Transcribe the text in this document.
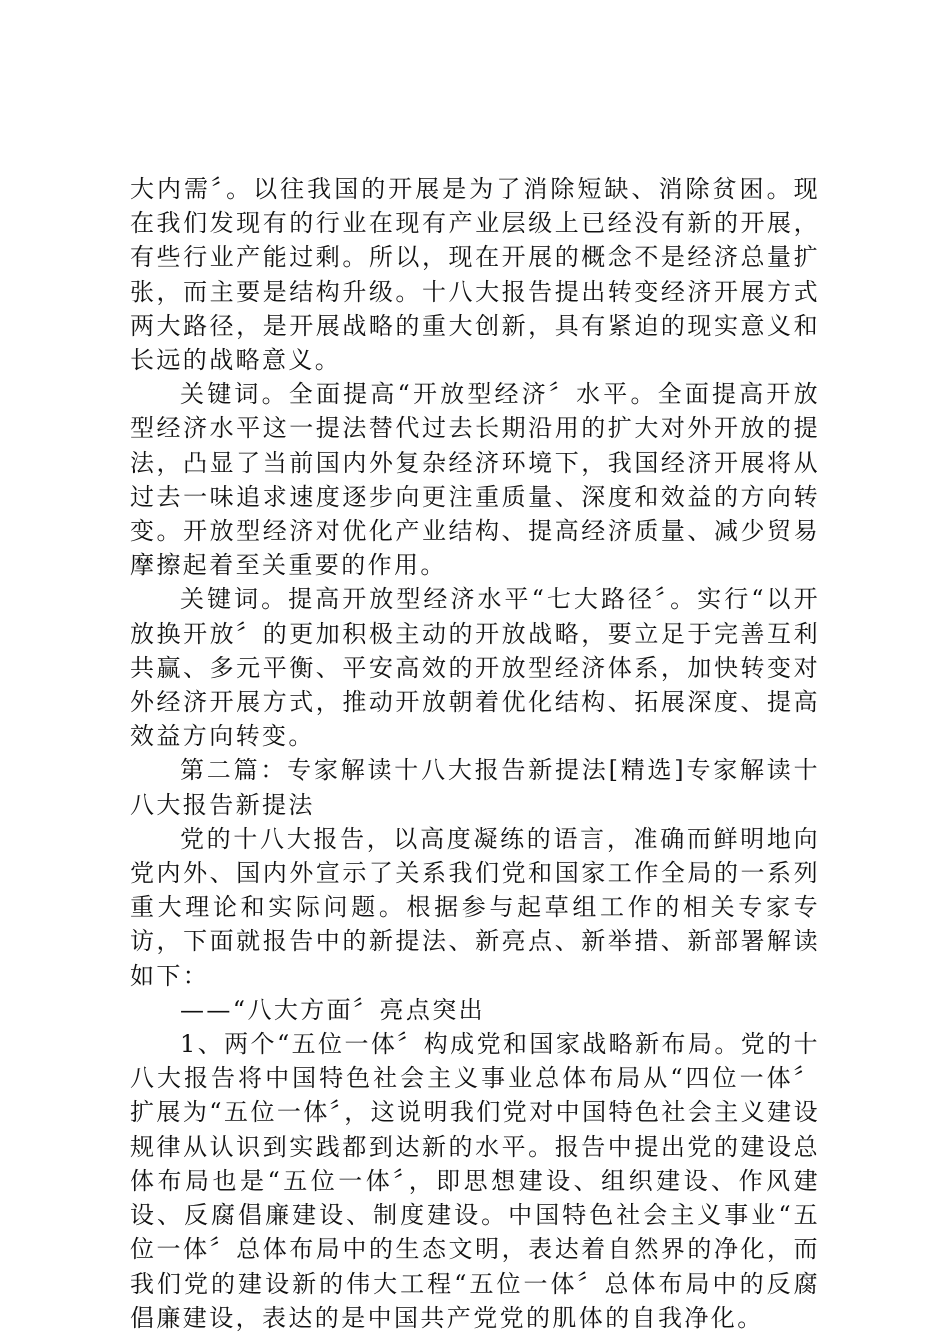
大内需〞。以往我国的开展是为了消除短缺、消除贫困。现在我们发现有的行业在现有产业层级上已经没有新的开展，有些行业产能过剩。所以，现在开展的概念不是经济总量扩张，而主要是结构升级。十八大报告提出转变经济开展方式两大路径，是开展战略的重大创新，具有紧迫的现实意义和长远的战略意义。

关键词。全面提高“开放型经济〞水平。全面提高开放型经济水平这一提法替代过去长期沿用的扩大对外开放的提法，凸显了当前国内外复杂经济环境下，我国经济开展将从过去一味追求速度逐步向更注重质量、深度和效益的方向转变。开放型经济对优化产业结构、提高经济质量、减少贸易摩擦起着至关重要的作用。

关键词。提高开放型经济水平“七大路径〞。实行“以开放换开放〞的更加积极主动的开放战略，要立足于完善互利共赢、多元平衡、平安高效的开放型经济体系，加快转变对外经济开展方式，推动开放朝着优化结构、拓展深度、提高效益方向转变。

第二篇：专家解读十八大报告新提法[精选]专家解读十八大报告新提法

党的十八大报告，以高度凝练的语言，准确而鲜明地向党内外、国内外宣示了关系我们党和国家工作全局的一系列重大理论和实际问题。根据参与起草组工作的相关专家专访，下面就报告中的新提法、新亮点、新举措、新部署解读如下：

——“八大方面〞亮点突出

1、两个“五位一体〞构成党和国家战略新布局。党的十八大报告将中国特色社会主义事业总体布局从“四位一体〞扩展为“五位一体〞，这说明我们党对中国特色社会主义建设规律从认识到实践都到达新的水平。报告中提出党的建设总体布局也是“五位一体〞，即思想建设、组织建设、作风建设、反腐倡廉建设、制度建设。中国特色社会主义事业“五位一体〞总体布局中的生态文明，表达着自然界的净化，而我们党的建设新的伟大工程“五位一体〞总体布局中的反腐倡廉建设，表达的是中国共产党党的肌体的自我净化。
